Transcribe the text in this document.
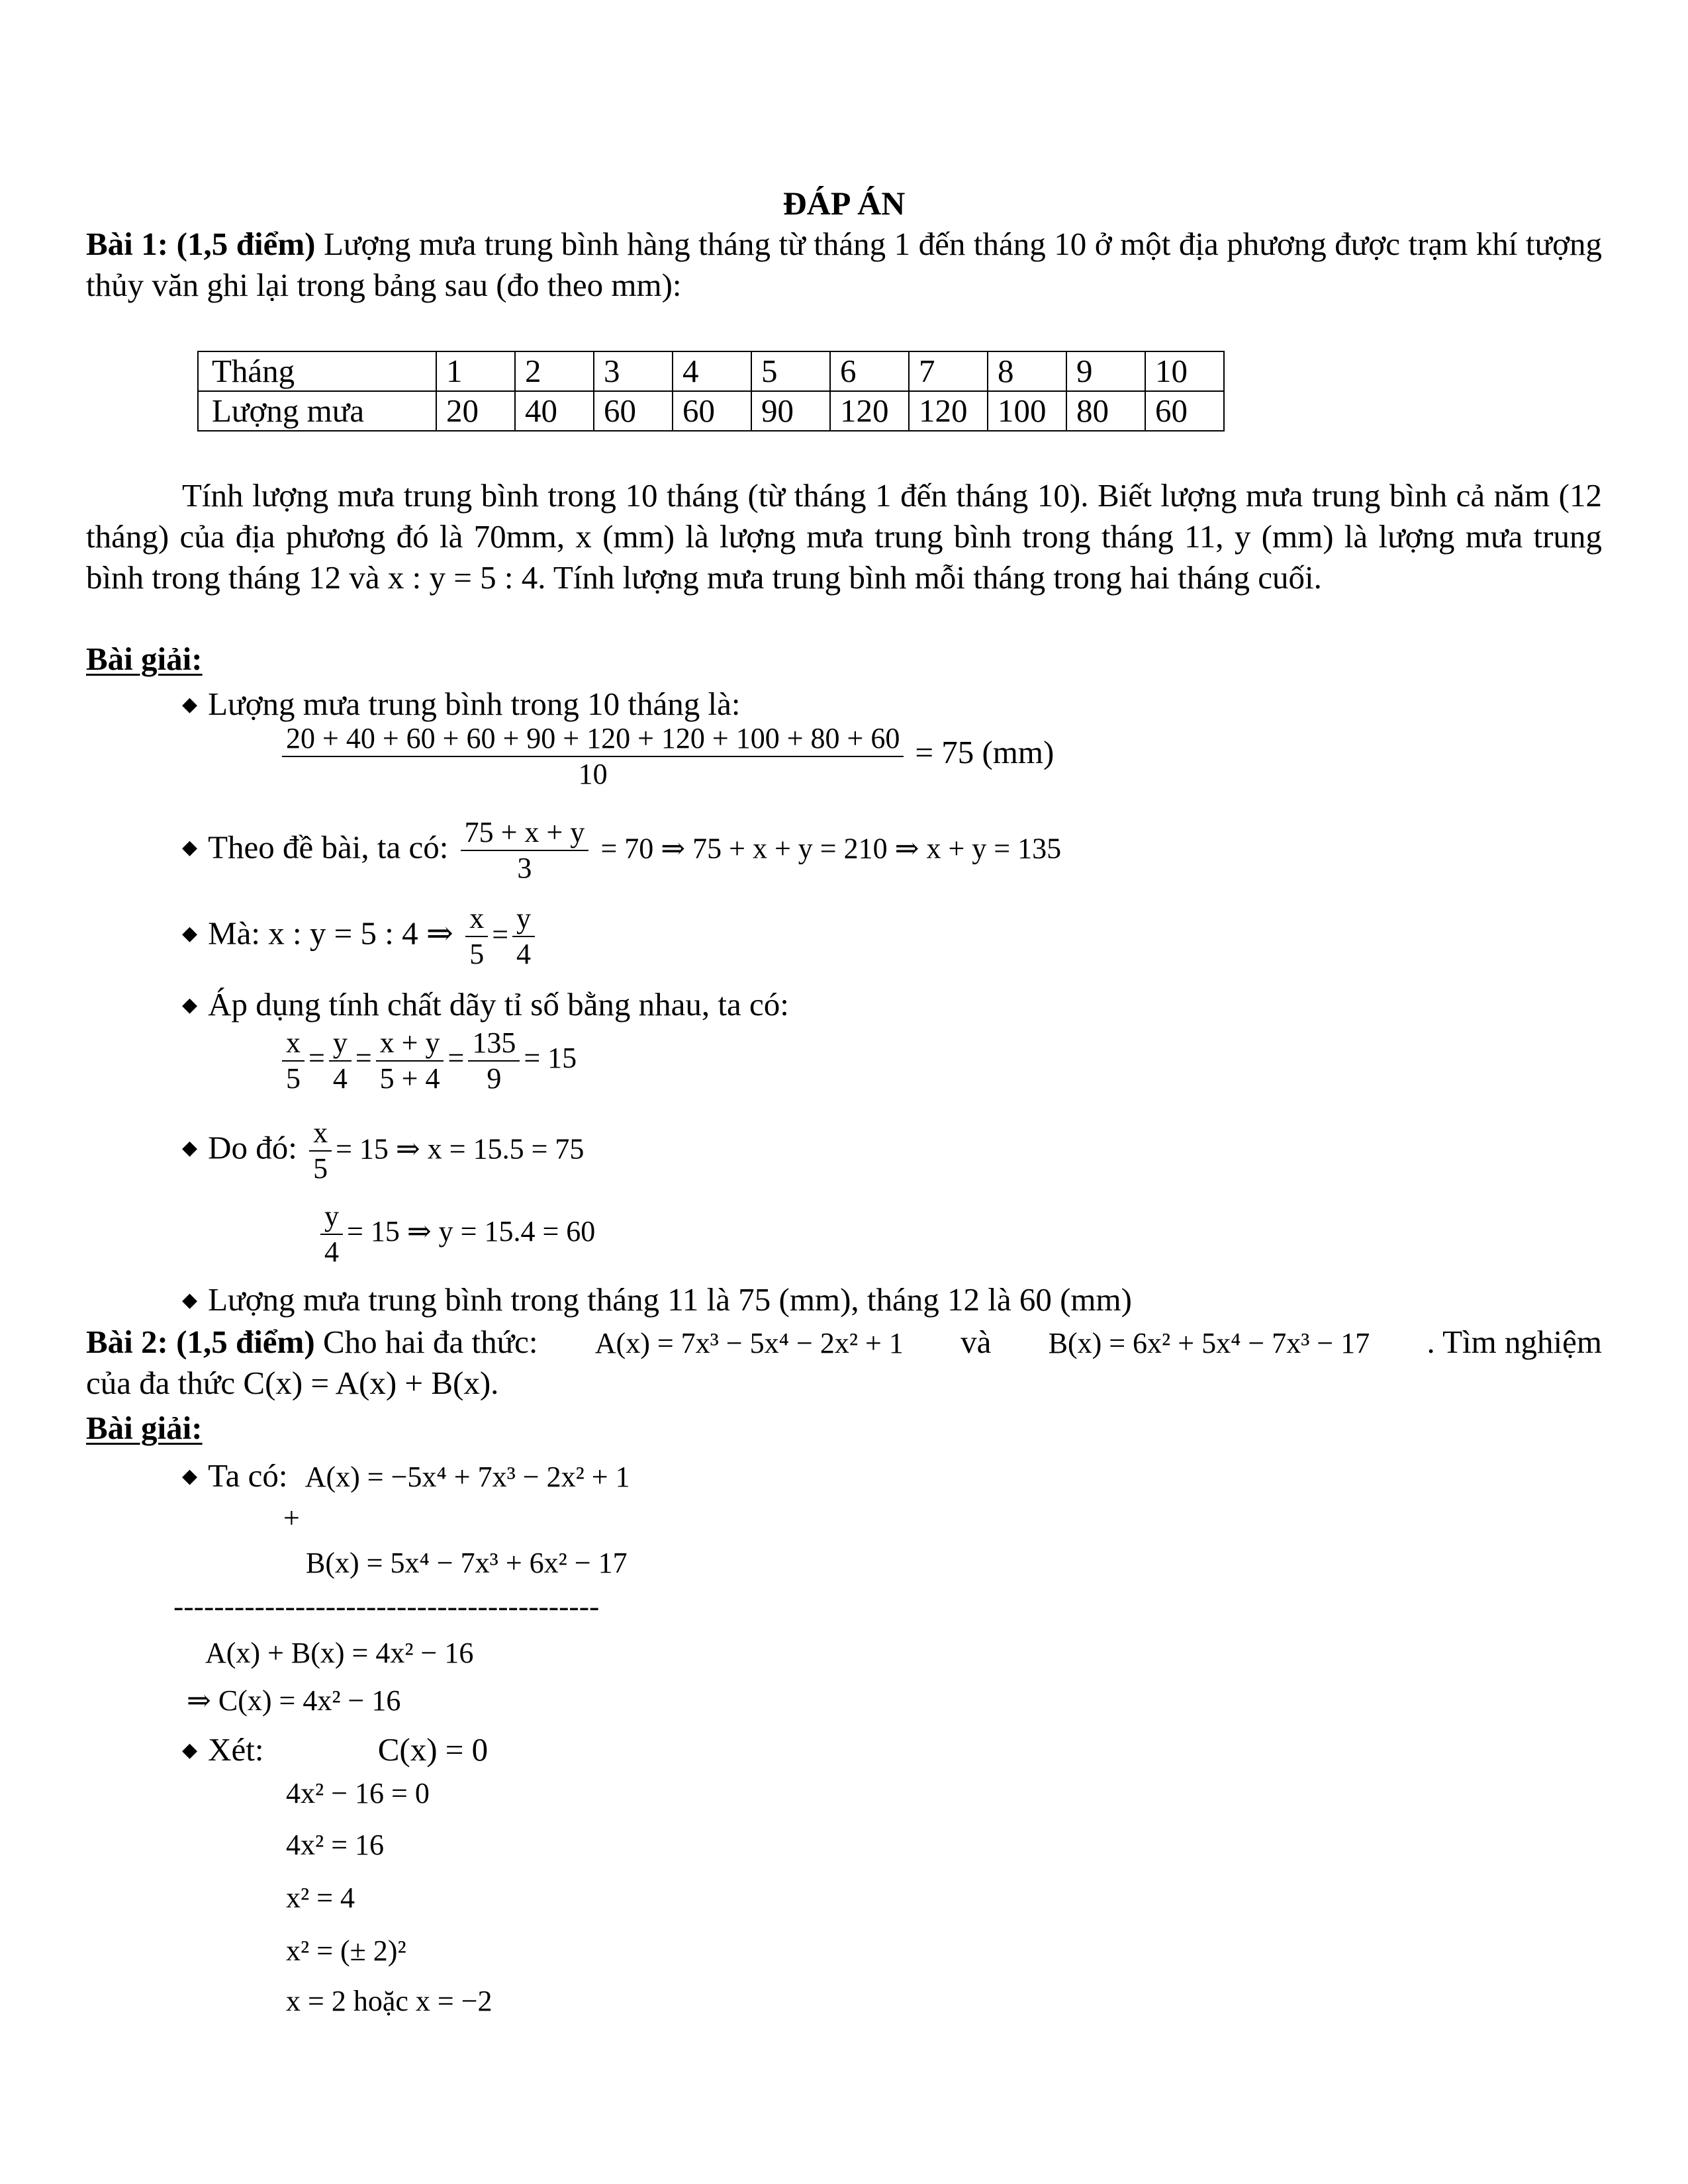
ĐÁP ÁN
Bài 1: (1,5 điểm) Lượng mưa trung bình hàng tháng từ tháng 1 đến tháng 10 ở một địa phương được trạm khí tượng thủy văn ghi lại trong bảng sau (đo theo mm):
Tháng	1	2	3	4	5	6	7	8	9	10
Lượng mưa	20	40	60	60	90	120	120	100	80	60
Tính lượng mưa trung bình trong 10 tháng (từ tháng 1 đến tháng 10). Biết lượng mưa trung bình cả năm (12 tháng) của địa phương đó là 70mm, x (mm) là lượng mưa trung bình trong tháng 11, y (mm) là lượng mưa trung bình trong tháng 12 và x : y = 5 : 4. Tính lượng mưa trung bình mỗi tháng trong hai tháng cuối.
Bài giải:
◆ Lượng mưa trung bình trong 10 tháng là:
$\frac{20 + 40 + 60 + 60 + 90 + 120 + 120 + 100 + 80 + 60}{10} = 75$ (mm)
◆ Theo đề bài, ta có: $\frac{75 + x + y}{3} = 70$ ⇒ 75 + x + y = 210 ⇒ x + y = 135
◆ Mà: x : y = 5 : 4 ⇒ $\frac{x}{5} = \frac{y}{4}$
◆ Áp dụng tính chất dãy tỉ số bằng nhau, ta có:
$\frac{x}{5} = \frac{y}{4} = \frac{x + y}{5 + 4} = \frac{135}{9} = 15$
◆ Do đó: $\frac{x}{5} = 15$ ⇒ x = 15.5 = 75
$\frac{y}{4} = 15$ ⇒ y = 15.4 = 60
◆ Lượng mưa trung bình trong tháng 11 là 75 (mm), tháng 12 là 60 (mm)
Bài 2: (1,5 điểm) Cho hai đa thức: A(x) = 7x³ − 5x⁴ − 2x² + 1 và B(x) = 6x² + 5x⁴ − 7x³ − 17 . Tìm nghiệm
của đa thức C(x) = A(x) + B(x).
Bài giải:
◆ Ta có: A(x) = −5x⁴ + 7x³ − 2x² + 1
+
B(x) = 5x⁴ − 7x³ + 6x² − 17
------------------------------------------
A(x) + B(x) = 4x² − 16
⇒ C(x) = 4x² − 16
◆ Xét:	C(x) = 0
4x² − 16 = 0
4x² = 16
x² = 4
x² = (± 2)²
x = 2 hoặc x = −2
